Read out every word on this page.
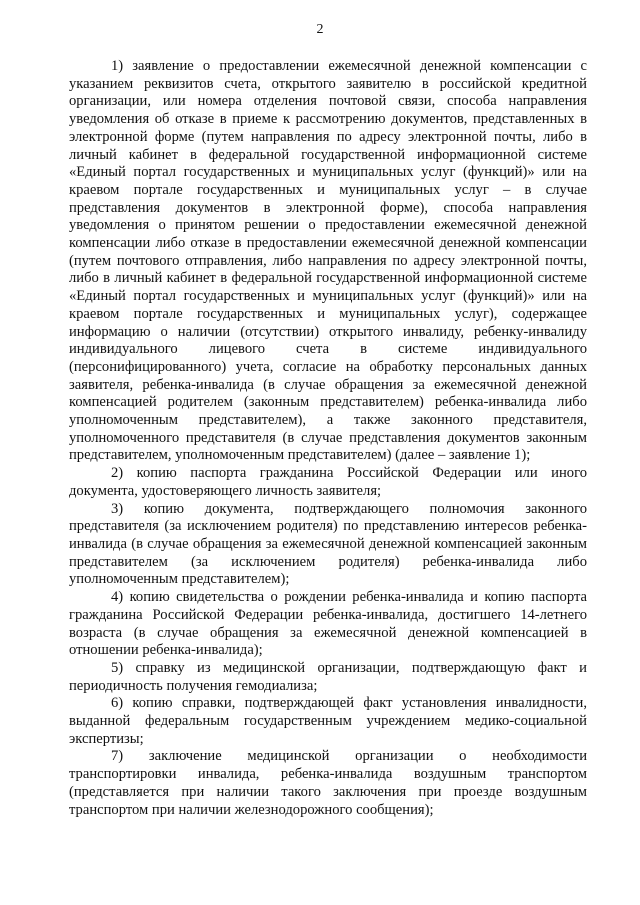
2

1) заявление о предоставлении ежемесячной денежной компенсации с указанием реквизитов счета, открытого заявителю в российской кредитной организации, или номера отделения почтовой связи, способа направления уведомления об отказе в приеме к рассмотрению документов, представленных в электронной форме (путем направления по адресу электронной почты, либо в личный кабинет в федеральной государственной информационной системе «Единый портал государственных и муниципальных услуг (функций)» или на краевом портале государственных и муниципальных услуг – в случае представления документов в электронной форме), способа направления уведомления о принятом решении о предоставлении ежемесячной денежной компенсации либо отказе в предоставлении ежемесячной денежной компенсации (путем почтового отправления, либо направления по адресу электронной почты, либо в личный кабинет в федеральной государственной информационной системе «Единый портал государственных и муниципальных услуг (функций)» или на краевом портале государственных и муниципальных услуг), содержащее информацию о наличии (отсутствии) открытого инвалиду, ребенку-инвалиду индивидуального лицевого счета в системе индивидуального (персонифицированного) учета, согласие на обработку персональных данных заявителя, ребенка-инвалида (в случае обращения за ежемесячной денежной компенсацией родителем (законным представителем) ребенка-инвалида либо уполномоченным представителем), а также законного представителя, уполномоченного представителя (в случае представления документов законным представителем, уполномоченным представителем) (далее – заявление 1);

2) копию паспорта гражданина Российской Федерации или иного документа, удостоверяющего личность заявителя;

3) копию документа, подтверждающего полномочия законного представителя (за исключением родителя) по представлению интересов ребенка-инвалида (в случае обращения за ежемесячной денежной компенсацией законным представителем (за исключением родителя) ребенка-инвалида либо уполномоченным представителем);

4) копию свидетельства о рождении ребенка-инвалида и копию паспорта гражданина Российской Федерации ребенка-инвалида, достигшего 14-летнего возраста (в случае обращения за ежемесячной денежной компенсацией в отношении ребенка-инвалида);

5) справку из медицинской организации, подтверждающую факт и периодичность получения гемодиализа;

6) копию справки, подтверждающей факт установления инвалидности, выданной федеральным государственным учреждением медико-социальной экспертизы;

7) заключение медицинской организации о необходимости транспортировки инвалида, ребенка-инвалида воздушным транспортом (представляется при наличии такого заключения при проезде воздушным транспортом при наличии железнодорожного сообщения);
